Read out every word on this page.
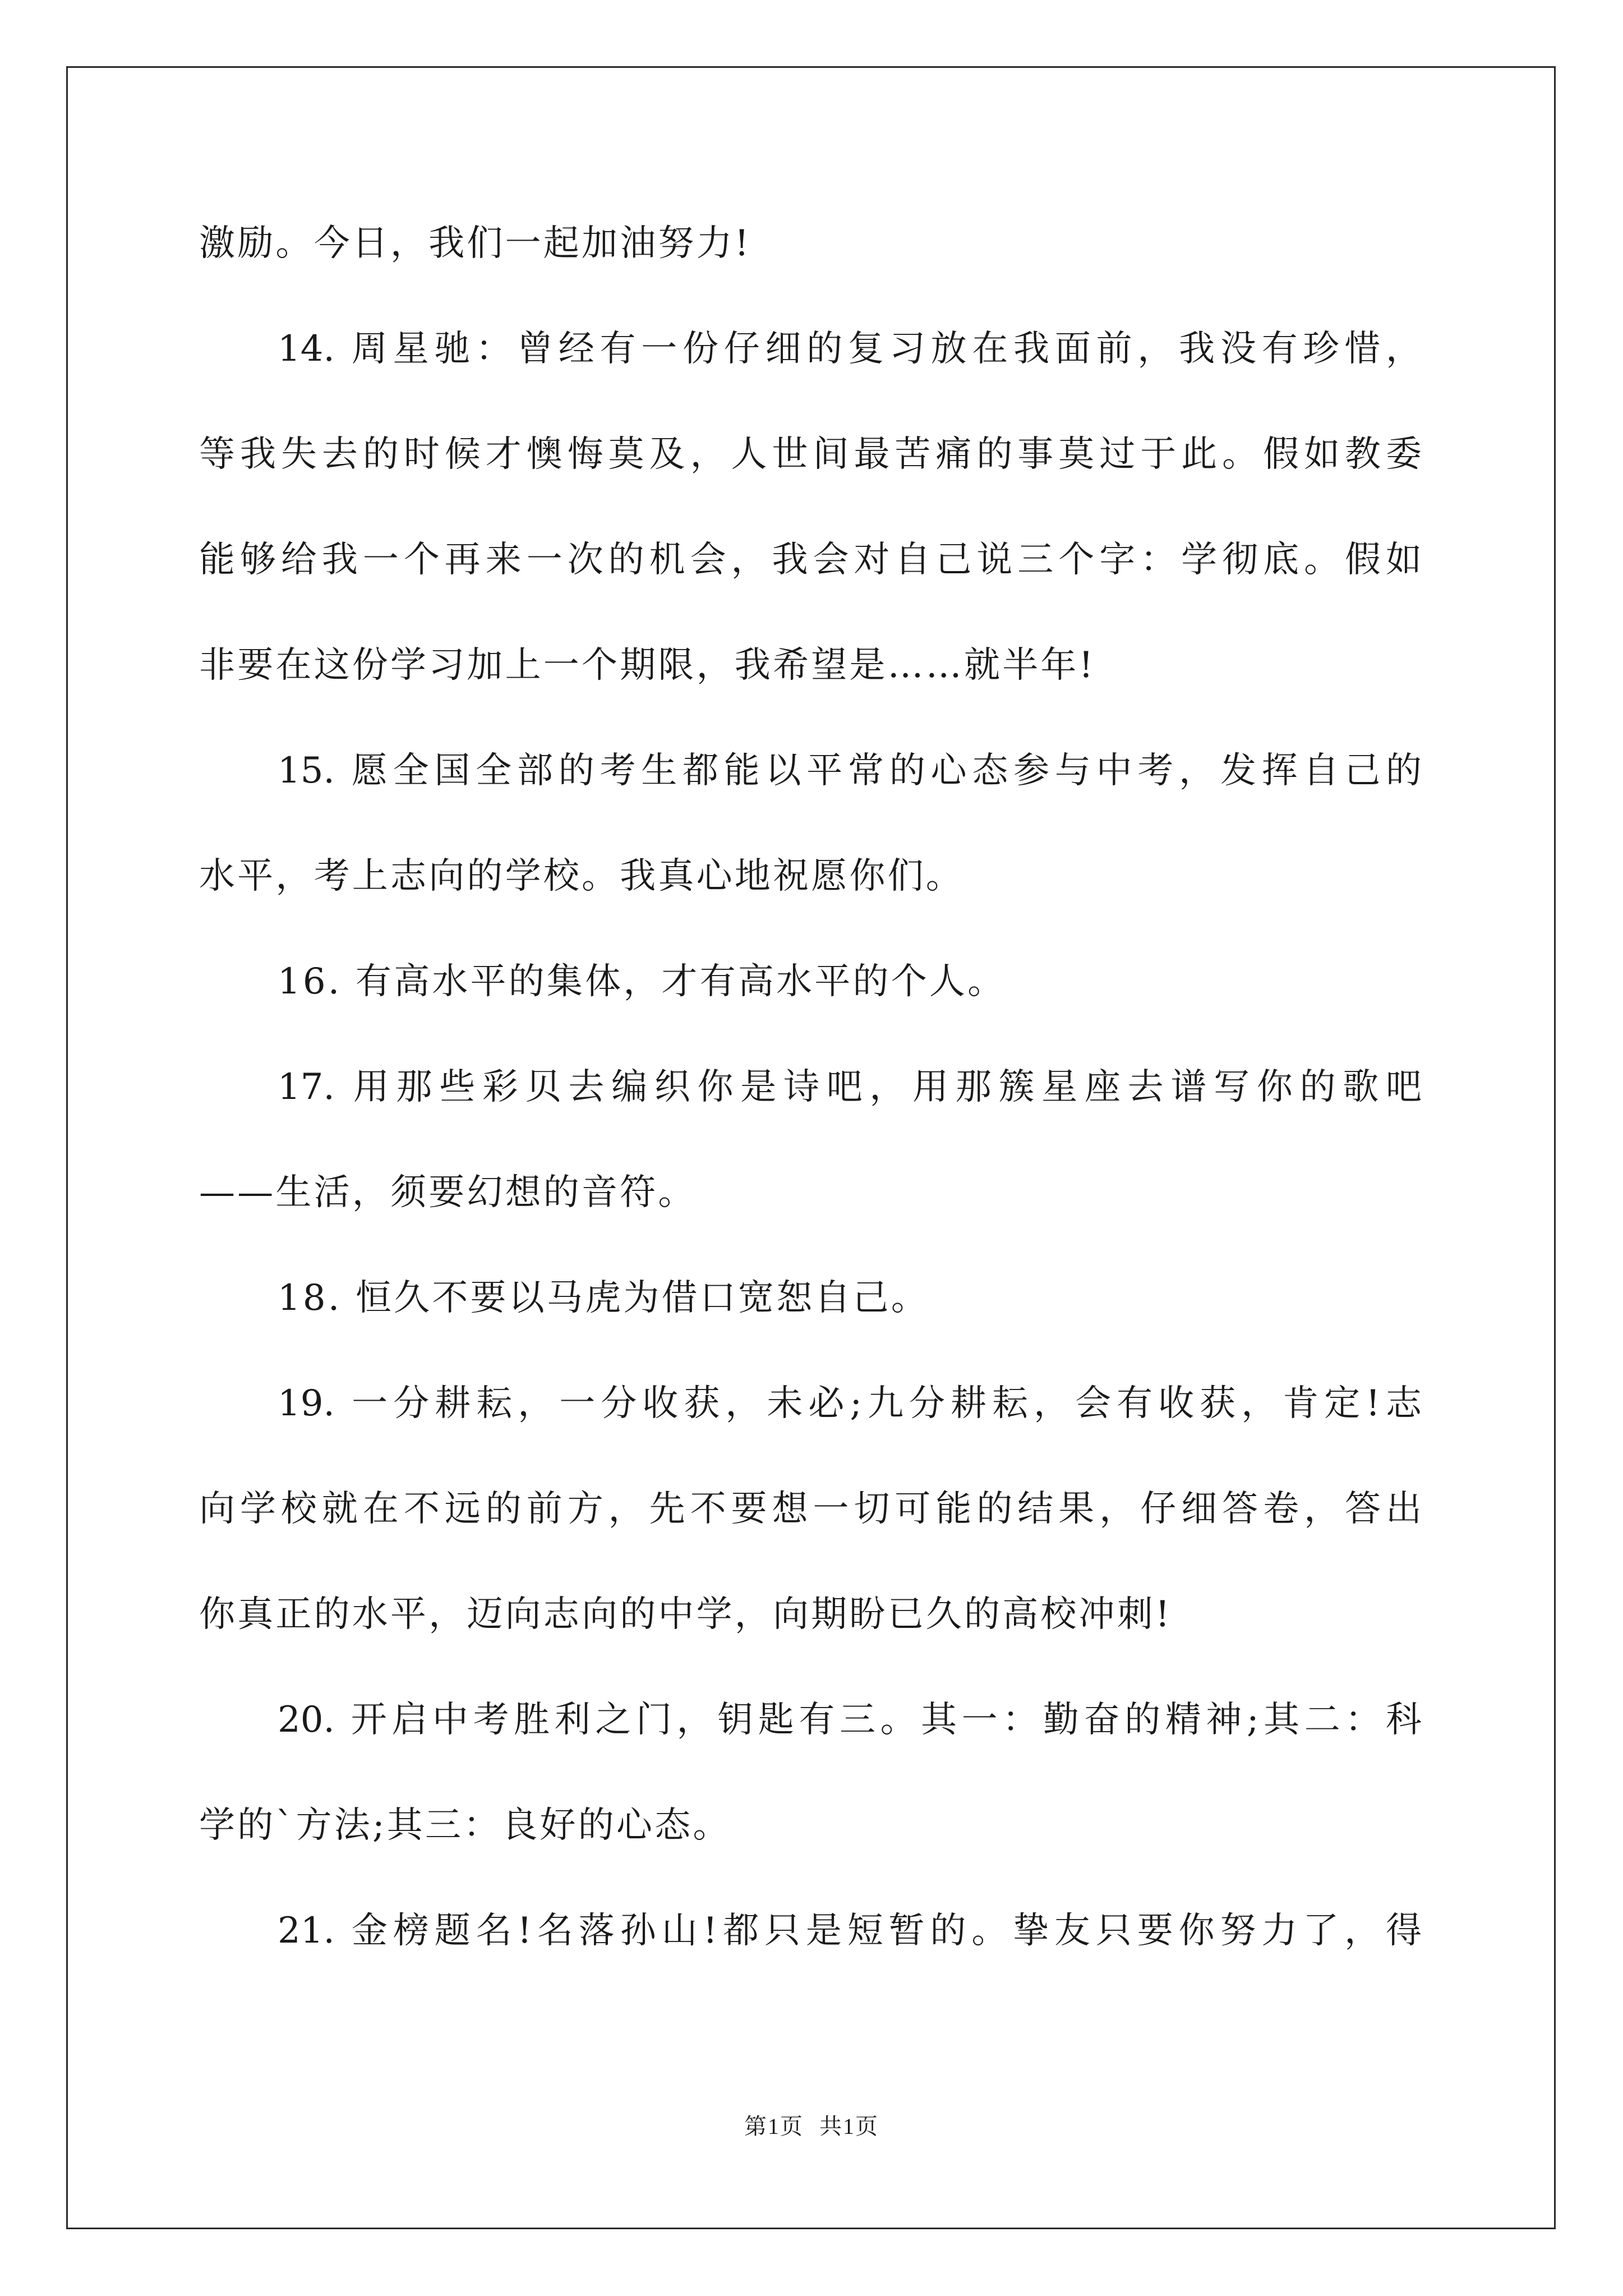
激励。今日，我们一起加油努力!
14. 周星驰：曾经有一份仔细的复习放在我面前，我没有珍惜，
等我失去的时候才懊悔莫及，人世间最苦痛的事莫过于此。假如教委
能够给我一个再来一次的机会，我会对自己说三个字：学彻底。假如
非要在这份学习加上一个期限，我希望是……就半年!
15. 愿全国全部的考生都能以平常的心态参与中考，发挥自己的
水平，考上志向的学校。我真心地祝愿你们。
16. 有高水平的集体，才有高水平的个人。
17. 用那些彩贝去编织你是诗吧，用那簇星座去谱写你的歌吧
——生活，须要幻想的音符。
18. 恒久不要以马虎为借口宽恕自己。
19. 一分耕耘，一分收获，未必;九分耕耘，会有收获，肯定!志
向学校就在不远的前方，先不要想一切可能的结果，仔细答卷，答出
你真正的水平，迈向志向的中学，向期盼已久的高校冲刺!
20. 开启中考胜利之门，钥匙有三。其一：勤奋的精神;其二：科
学的`方法;其三：良好的心态。
21. 金榜题名!名落孙山!都只是短暂的。挚友只要你努力了，得
第1页 共1页
